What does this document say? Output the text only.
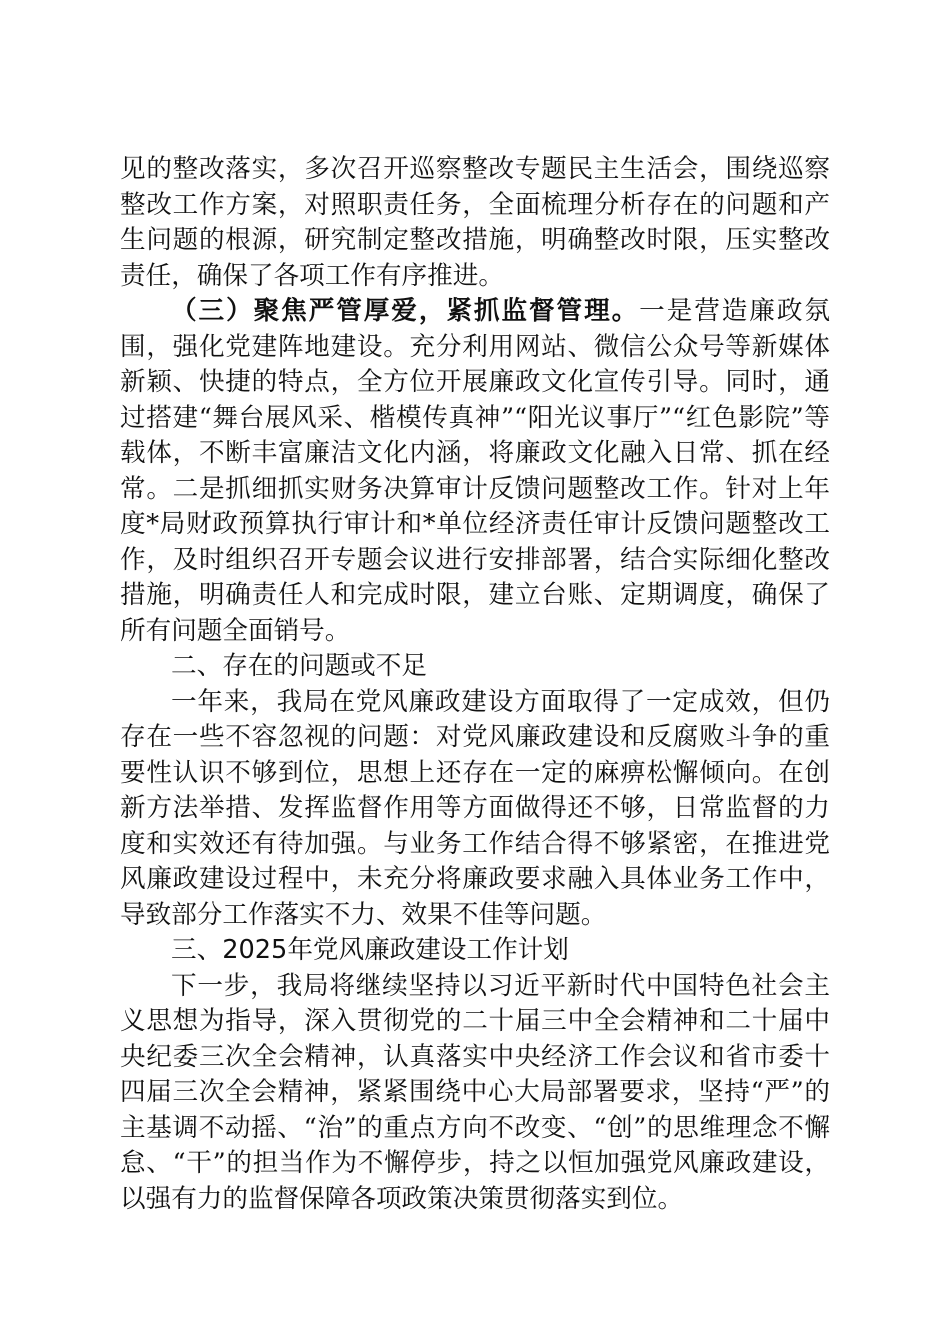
见的整改落实，多次召开巡察整改专题民主生活会，围绕巡察整改工作方案，对照职责任务，全面梳理分析存在的问题和产生问题的根源，研究制定整改措施，明确整改时限，压实整改责任，确保了各项工作有序推进。

（三）聚焦严管厚爱，紧抓监督管理。一是营造廉政氛围，强化党建阵地建设。充分利用网站、微信公众号等新媒体新颖、快捷的特点，全方位开展廉政文化宣传引导。同时，通过搭建“舞台展风采、楷模传真神”“阳光议事厅”“红色影院”等载体，不断丰富廉洁文化内涵，将廉政文化融入日常、抓在经常。二是抓细抓实财务决算审计反馈问题整改工作。针对上年度*局财政预算执行审计和*单位经济责任审计反馈问题整改工作，及时组织召开专题会议进行安排部署，结合实际细化整改措施，明确责任人和完成时限，建立台账、定期调度，确保了所有问题全面销号。

二、存在的问题或不足

一年来，我局在党风廉政建设方面取得了一定成效，但仍存在一些不容忽视的问题：对党风廉政建设和反腐败斗争的重要性认识不够到位，思想上还存在一定的麻痹松懈倾向。在创新方法举措、发挥监督作用等方面做得还不够，日常监督的力度和实效还有待加强。与业务工作结合得不够紧密，在推进党风廉政建设过程中，未充分将廉政要求融入具体业务工作中，导致部分工作落实不力、效果不佳等问题。

三、2025年党风廉政建设工作计划

下一步，我局将继续坚持以习近平新时代中国特色社会主义思想为指导，深入贯彻党的二十届三中全会精神和二十届中央纪委三次全会精神，认真落实中央经济工作会议和省市委十四届三次全会精神，紧紧围绕中心大局部署要求，坚持“严”的主基调不动摇、“治”的重点方向不改变、“创”的思维理念不懈怠、“干”的担当作为不懈停步，持之以恒加强党风廉政建设，以强有力的监督保障各项政策决策贯彻落实到位。
